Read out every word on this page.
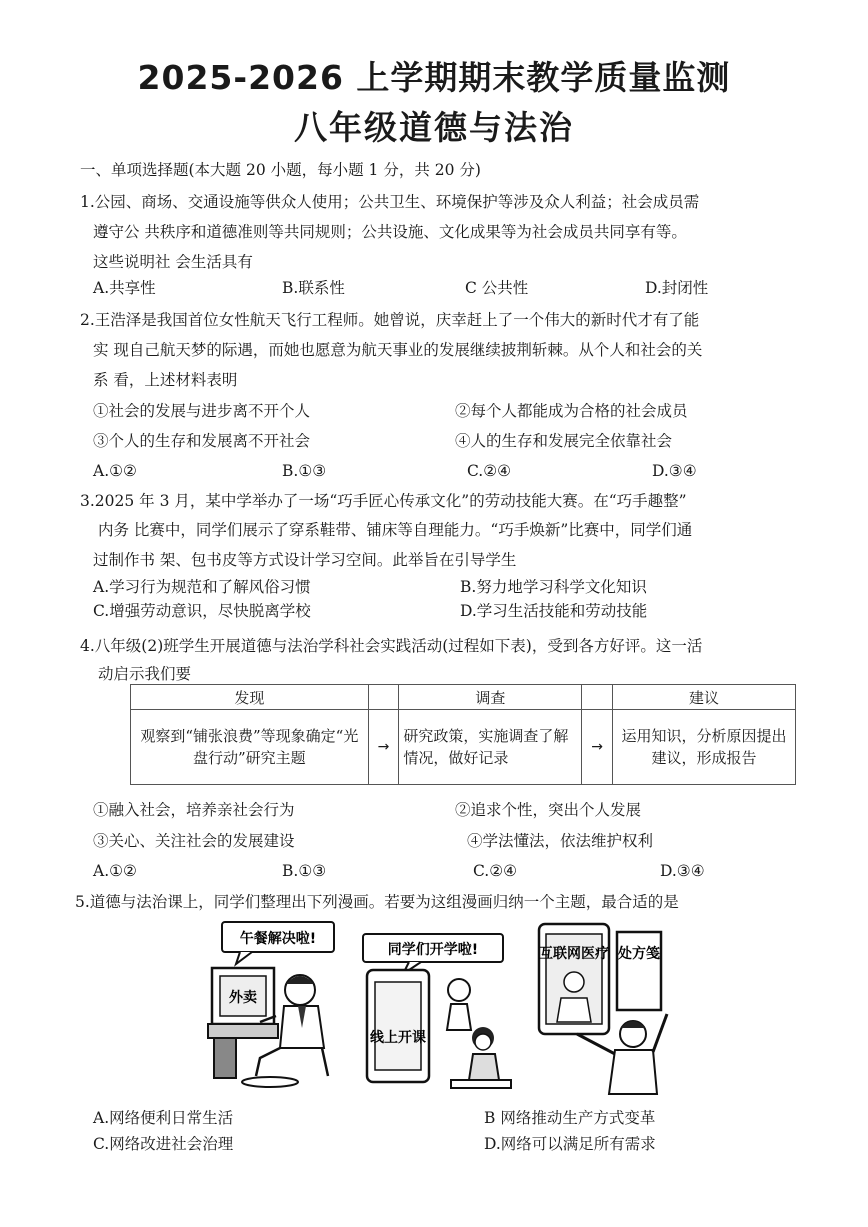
2025-2026 上学期期末教学质量监测
八年级道德与法治
一、单项选择题(本大题 20 小题，每小题 1 分，共 20 分)
1.公园、商场、交通设施等供众人使用；公共卫生、环境保护等涉及众人利益；社会成员需
遵守公 共秩序和道德准则等共同规则；公共设施、文化成果等为社会成员共同享有等。
这些说明社 会生活具有
A.共享性	B.联系性	C 公共性	D.封闭性
2.王浩泽是我国首位女性航天飞行工程师。她曾说，庆幸赶上了一个伟大的新时代才有了能
实 现自己航天梦的际遇，而她也愿意为航天事业的发展继续披荆斩棘。从个人和社会的关
系 看，上述材料表明
①社会的发展与进步离不开个人	②每个人都能成为合格的社会成员
③个人的生存和发展离不开社会	④人的生存和发展完全依靠社会
A.①②	B.①③	C.②④	D.③④
3.2025 年 3 月，某中学举办了一场“巧手匠心传承文化”的劳动技能大赛。在“巧手趣整”
内务 比赛中，同学们展示了穿系鞋带、铺床等自理能力。“巧手焕新”比赛中，同学们通
过制作书 架、包书皮等方式设计学习空间。此举旨在引导学生
A.学习行为规范和了解风俗习惯	B.努力地学习科学文化知识
C.增强劳动意识，尽快脱离学校	D.学习生活技能和劳动技能
4.八年级(2)班学生开展道德与法治学科社会实践活动(过程如下表)，受到各方好评。这一活
动启示我们要
发现		调查		建议
观察到“铺张浪费”等现象确定“光盘行动”研究主题	→	研究政策，实施调查了解情况，做好记录	→	运用知识，分析原因提出建议，形成报告
①融入社会，培养亲社会行为	②追求个性，突出个人发展
③关心、关注社会的发展建设	④学法懂法，依法维护权利
A.①②	B.①③	C.②④	D.③④
5.道德与法治课上，同学们整理出下列漫画。若要为这组漫画归纳一个主题，最合适的是
午餐解决啦!
外卖
同学们开学啦!
线上开课
互联网医疗 处方笺
A.网络便利日常生活	B 网络推动生产方式变革
C.网络改进社会治理	D.网络可以满足所有需求
